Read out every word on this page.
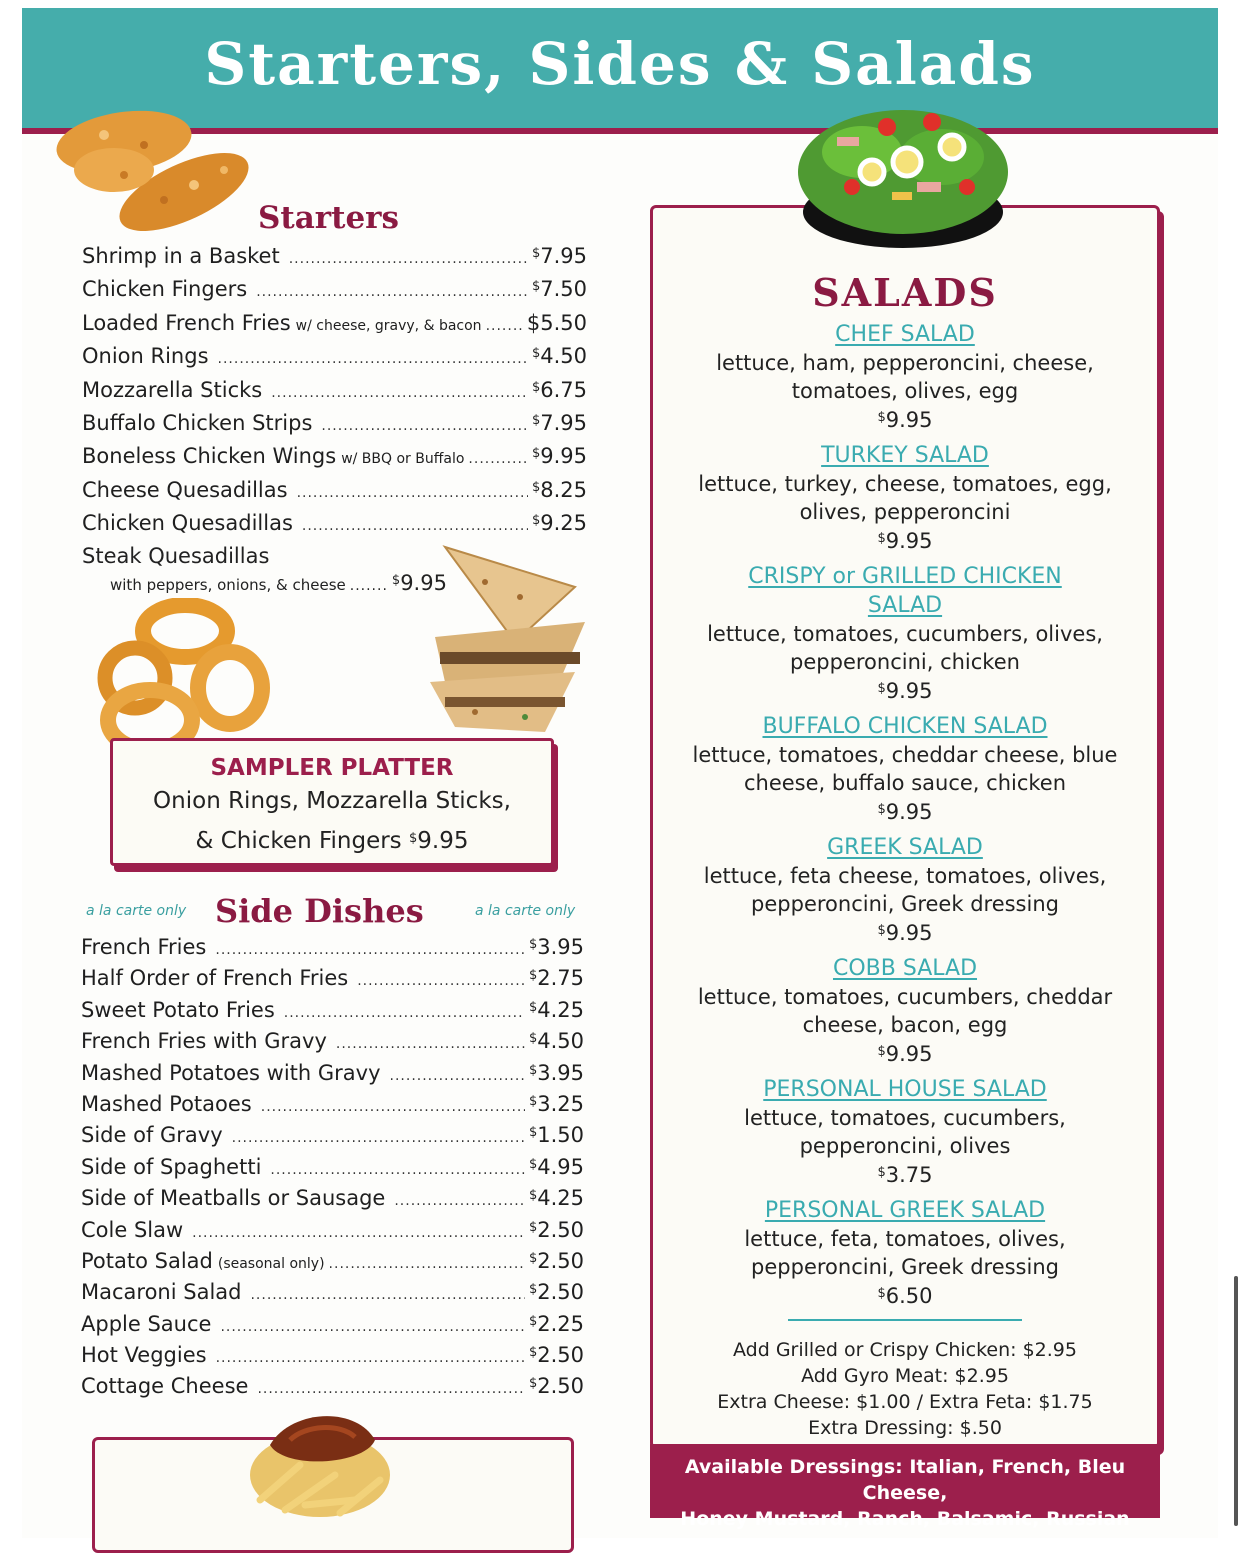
Starters, Sides & Salads
Starters
Shrimp in a Basket .....	$7.95
Chicken Fingers .....	$7.50
Loaded French Fries w/ cheese, gravy, & bacon ..... $5.50
Onion Rings .....	$4.50
Mozzarella Sticks .....	$6.75
Buffalo Chicken Strips .....	$7.95
Boneless Chicken Wings w/ BBQ or Buffalo .....	$9.95
Cheese Quesadillas .....	$8.25
Chicken Quesadillas .....	$9.25
Steak Quesadillas
with peppers, onions, & cheese ....... $9.95
SAMPLER PLATTER
Onion Rings, Mozzarella Sticks,
& Chicken Fingers $9.95
a la carte only Side Dishes	a la carte only
French Fries .....	$3.95
Half Order of French Fries .....	$2.75
Sweet Potato Fries .....	$4.25
French Fries with Gravy .....	$4.50
Mashed Potatoes with Gravy .....	$3.95
Mashed Potaoes .....	$3.25
Side of Gravy .....	$1.50
Side of Spaghetti .....	$4.95
Side of Meatballs or Sausage .....	$4.25
Cole Slaw .....	$2.50
Potato Salad (seasonal only) .....	$2.50
Macaroni Salad .....	$2.50
Apple Sauce .....	$2.25
Hot Veggies .....	$2.50
Cottage Cheese .....	$2.50
SALADS
CHEF SALAD
lettuce, ham, pepperoncini, cheese, tomatoes, olives, egg
$9.95
TURKEY SALAD
lettuce, turkey, cheese, tomatoes, egg, olives, pepperoncini
$9.95
CRISPY or GRILLED CHICKEN SALAD
lettuce, tomatoes, cucumbers, olives, pepperoncini, chicken
$9.95
BUFFALO CHICKEN SALAD
lettuce, tomatoes, cheddar cheese, blue cheese, buffalo sauce, chicken
$9.95
GREEK SALAD
lettuce, feta cheese, tomatoes, olives, pepperoncini, Greek dressing
$9.95
COBB SALAD
lettuce, tomatoes, cucumbers, cheddar cheese, bacon, egg
$9.95
PERSONAL HOUSE SALAD
lettuce, tomatoes, cucumbers, pepperoncini, olives
$3.75
PERSONAL GREEK SALAD
lettuce, feta, tomatoes, olives, pepperoncini, Greek dressing
$6.50
Add Grilled or Crispy Chicken: $2.95
Add Gyro Meat: $2.95
Extra Cheese: $1.00 / Extra Feta: $1.75
Extra Dressing: $.50
Available Dressings: Italian, French, Bleu Cheese,
Honey Mustard, Ranch, Balsamic, Russian
